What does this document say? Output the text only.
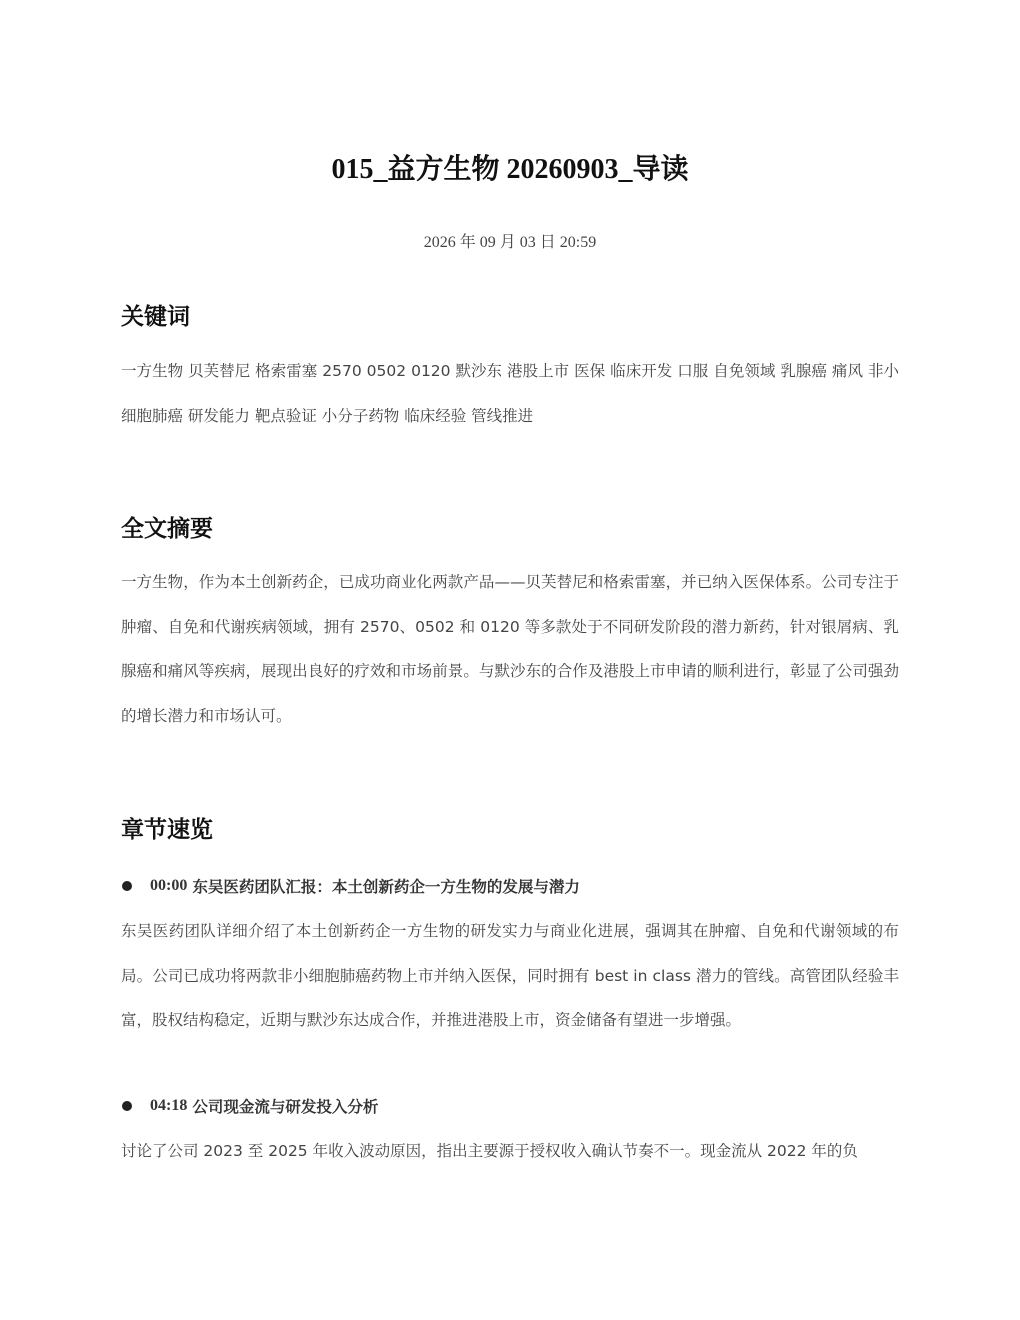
015_益方生物 20260903_导读
2026 年 09 月 03 日 20:59
关键词

一方生物 贝芙替尼 格索雷塞 2570 0502 0120 默沙东 港股上市 医保 临床开发 口服 自免领域 乳腺癌 痛风 非小细胞肺癌 研发能力 靶点验证 小分子药物 临床经验 管线推进

全文摘要

一方生物，作为本土创新药企，已成功商业化两款产品——贝芙替尼和格索雷塞，并已纳入医保体系。公司专注于肿瘤、自免和代谢疾病领域，拥有 2570、0502 和 0120 等多款处于不同研发阶段的潜力新药，针对银屑病、乳腺癌和痛风等疾病，展现出良好的疗效和市场前景。与默沙东的合作及港股上市申请的顺利进行，彰显了公司强劲的增长潜力和市场认可。

章节速览
00:00 东吴医药团队汇报：本土创新药企一方生物的发展与潜力

东吴医药团队详细介绍了本土创新药企一方生物的研发实力与商业化进展，强调其在肿瘤、自免和代谢领域的布局。公司已成功将两款非小细胞肺癌药物上市并纳入医保，同时拥有 best in class 潜力的管线。高管团队经验丰富，股权结构稳定，近期与默沙东达成合作，并推进港股上市，资金储备有望进一步增强。

04:18 公司现金流与研发投入分析

讨论了公司 2023 至 2025 年收入波动原因，指出主要源于授权收入确认节奏不一。现金流从 2022 年的负
